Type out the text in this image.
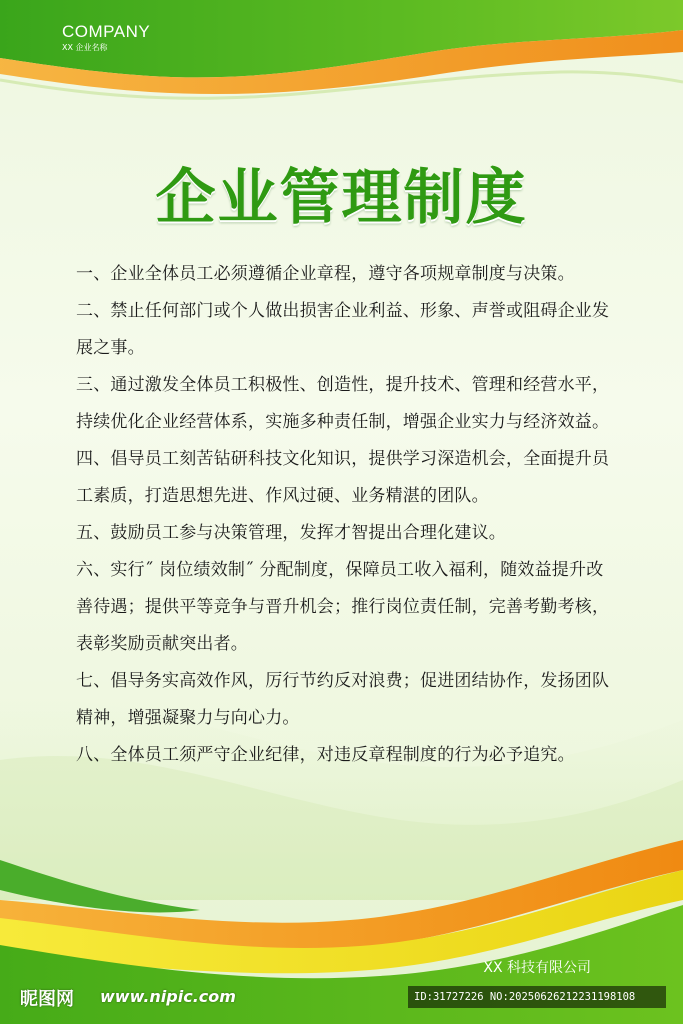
COMPANY
XX 企业名称
企业管理制度

一、企业全体员工必须遵循企业章程，遵守各项规章制度与决策。

二、禁止任何部门或个人做出损害企业利益、形象、声誉或阻碍企业发展之事。

三、通过激发全体员工积极性、创造性，提升技术、管理和经营水平，持续优化企业经营体系，实施多种责任制，增强企业实力与经济效益。

四、倡导员工刻苦钻研科技文化知识，提供学习深造机会，全面提升员工素质，打造思想先进、作风过硬、业务精湛的团队。

五、鼓励员工参与决策管理，发挥才智提出合理化建议。

六、实行˝ 岗位绩效制˝ 分配制度，保障员工收入福利，随效益提升改善待遇；提供平等竞争与晋升机会；推行岗位责任制，完善考勤考核，表彰奖励贡献突出者。

七、倡导务实高效作风，厉行节约反对浪费；促进团结协作，发扬团队精神，增强凝聚力与向心力。

八、全体员工须严守企业纪律，对违反章程制度的行为必予追究。

XX 科技有限公司
昵图网 www.nipic.com	ID:31727226 NO:20250626212231198108
